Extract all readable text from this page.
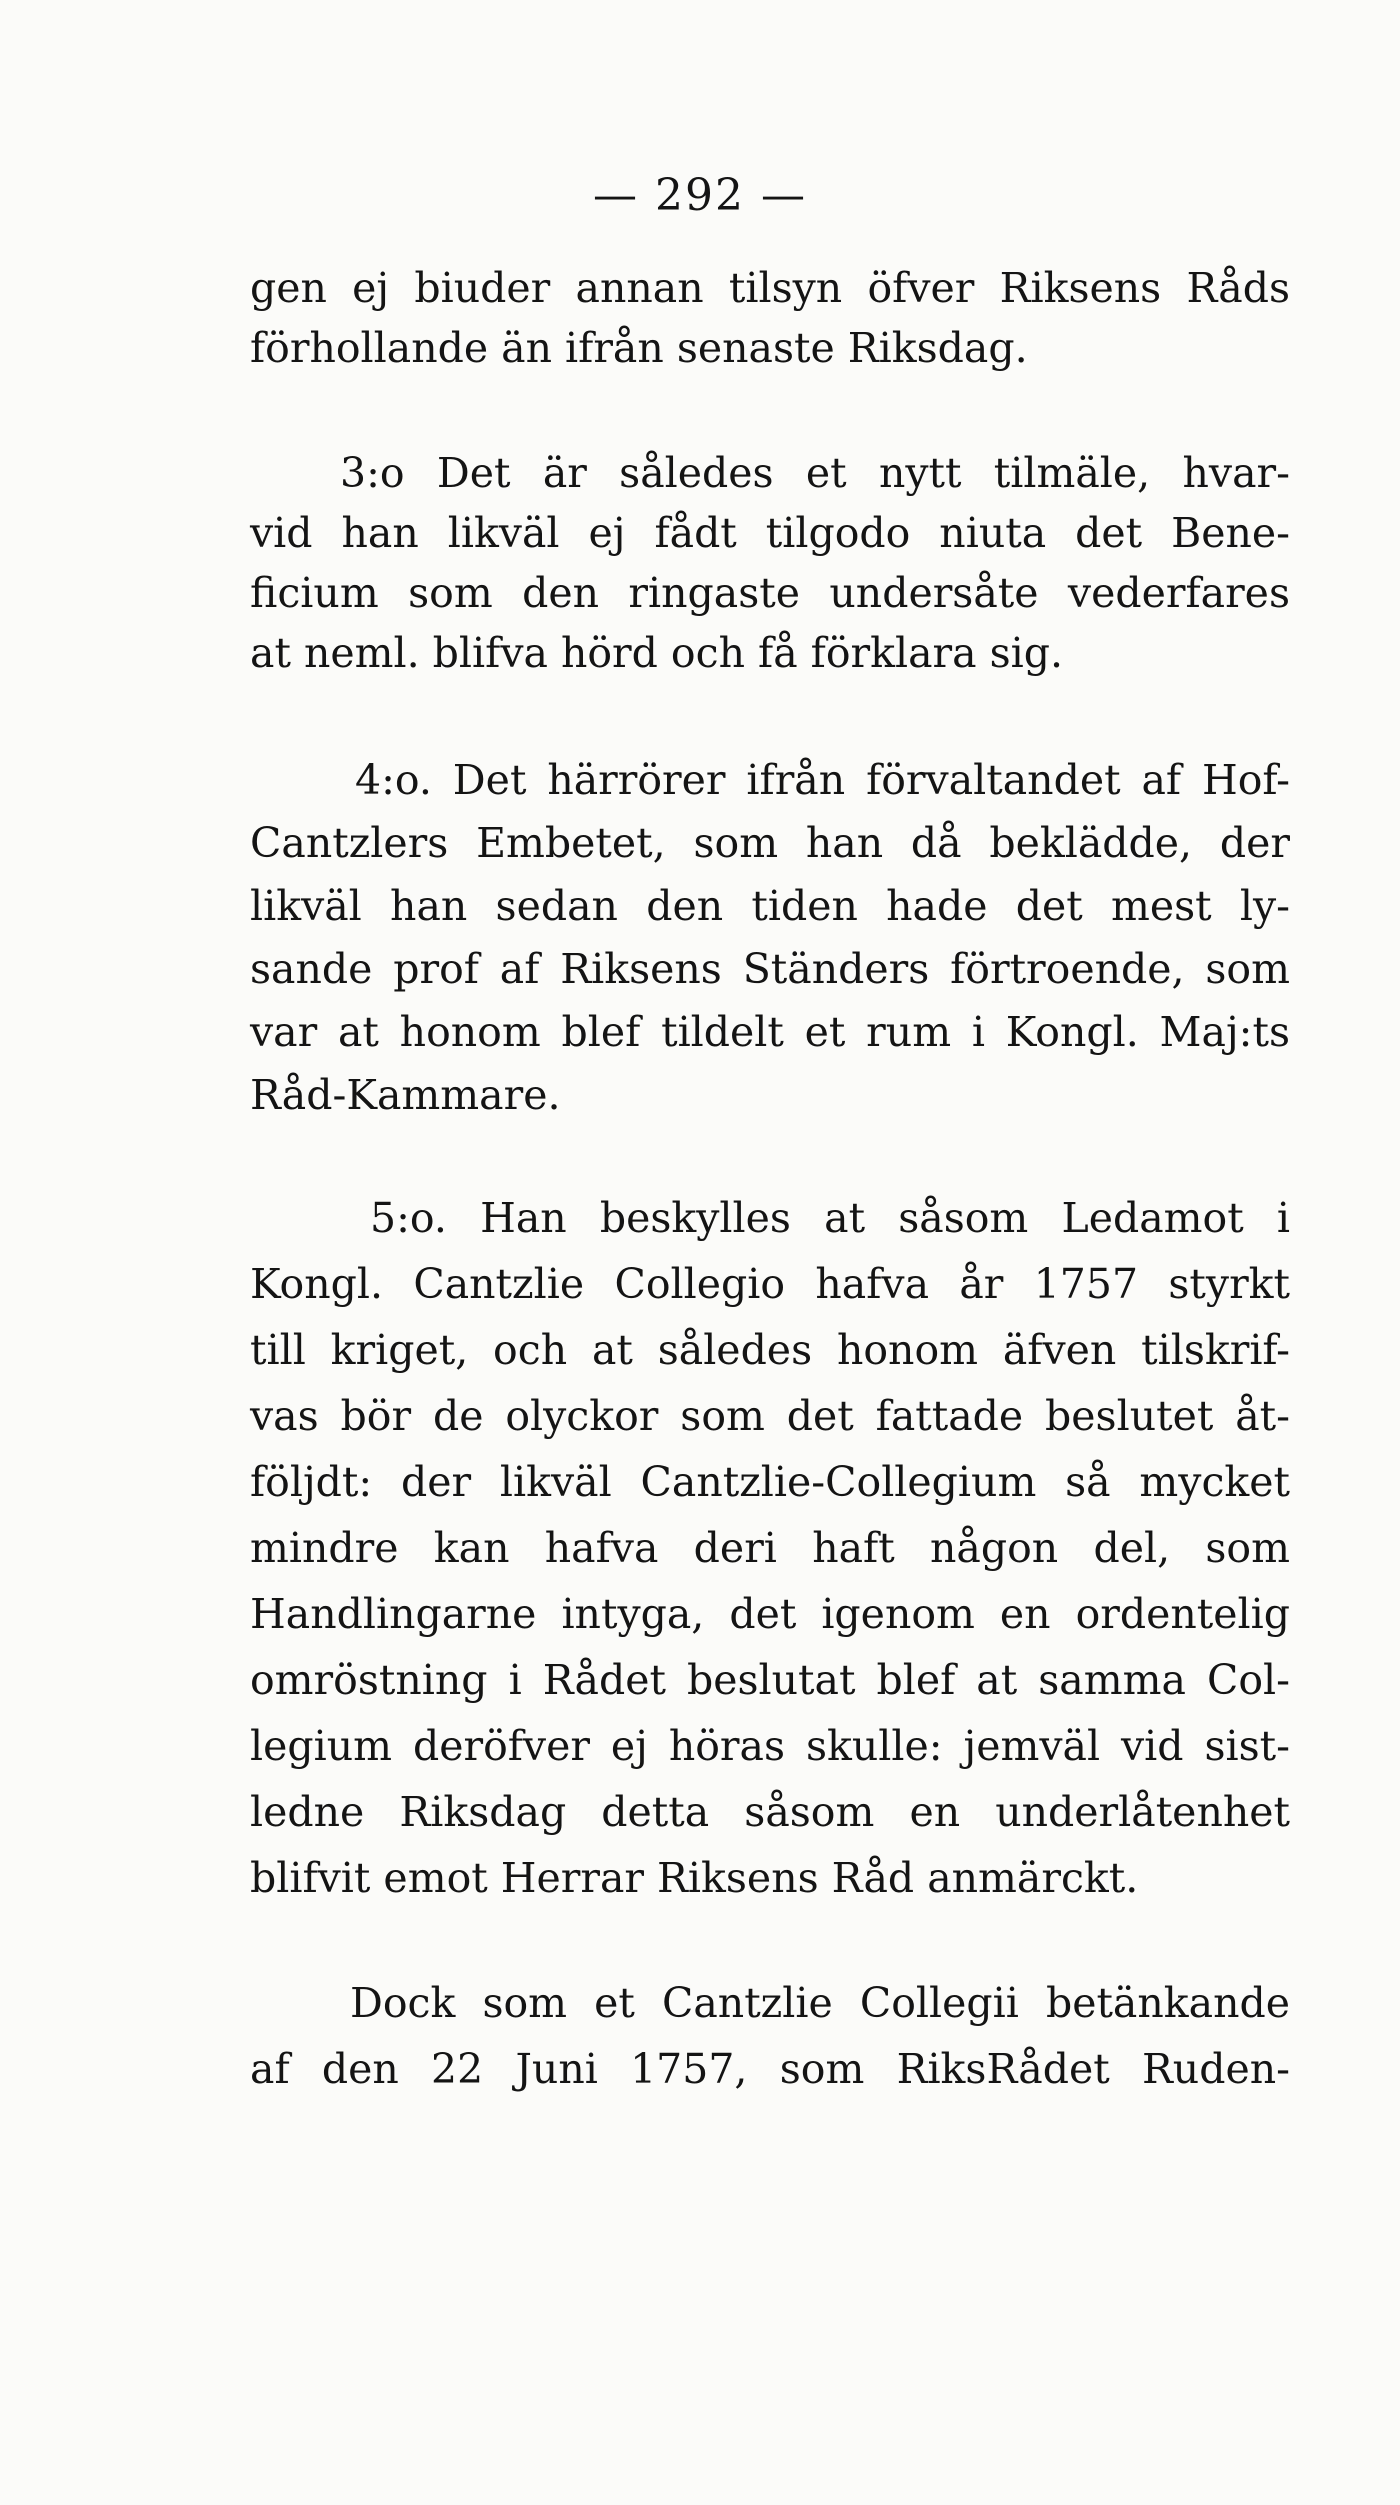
— 292 —
gen ej biuder annan tilsyn öfver Riksens Råds
förhollande än ifrån senaste Riksdag.
3:o Det är således et nytt tilmäle, hvar-
vid han likväl ej fådt tilgodo niuta det Bene-
ficium som den ringaste undersåte vederfares
at neml. blifva hörd och få förklara sig.
4:o. Det härrörer ifrån förvaltandet af Hof-
Cantzlers Embetet, som han då beklädde, der
likväl han sedan den tiden hade det mest ly-
sande prof af Riksens Ständers förtroende, som
var at honom blef tildelt et rum i Kongl. Maj:ts
Råd-Kammare.
5:o. Han beskylles at såsom Ledamot i
Kongl. Cantzlie Collegio hafva år 1757 styrkt
till kriget, och at således honom äfven tilskrif-
vas bör de olyckor som det fattade beslutet åt-
följdt: der likväl Cantzlie-Collegium så mycket
mindre kan hafva deri haft någon del, som
Handlingarne intyga, det igenom en ordentelig
omröstning i Rådet beslutat blef at samma Col-
legium deröfver ej höras skulle: jemväl vid sist-
ledne Riksdag detta såsom en underlåtenhet
blifvit emot Herrar Riksens Råd anmärckt.
Dock som et Cantzlie Collegii betänkande
af den 22 Juni 1757, som RiksRådet Ruden-
